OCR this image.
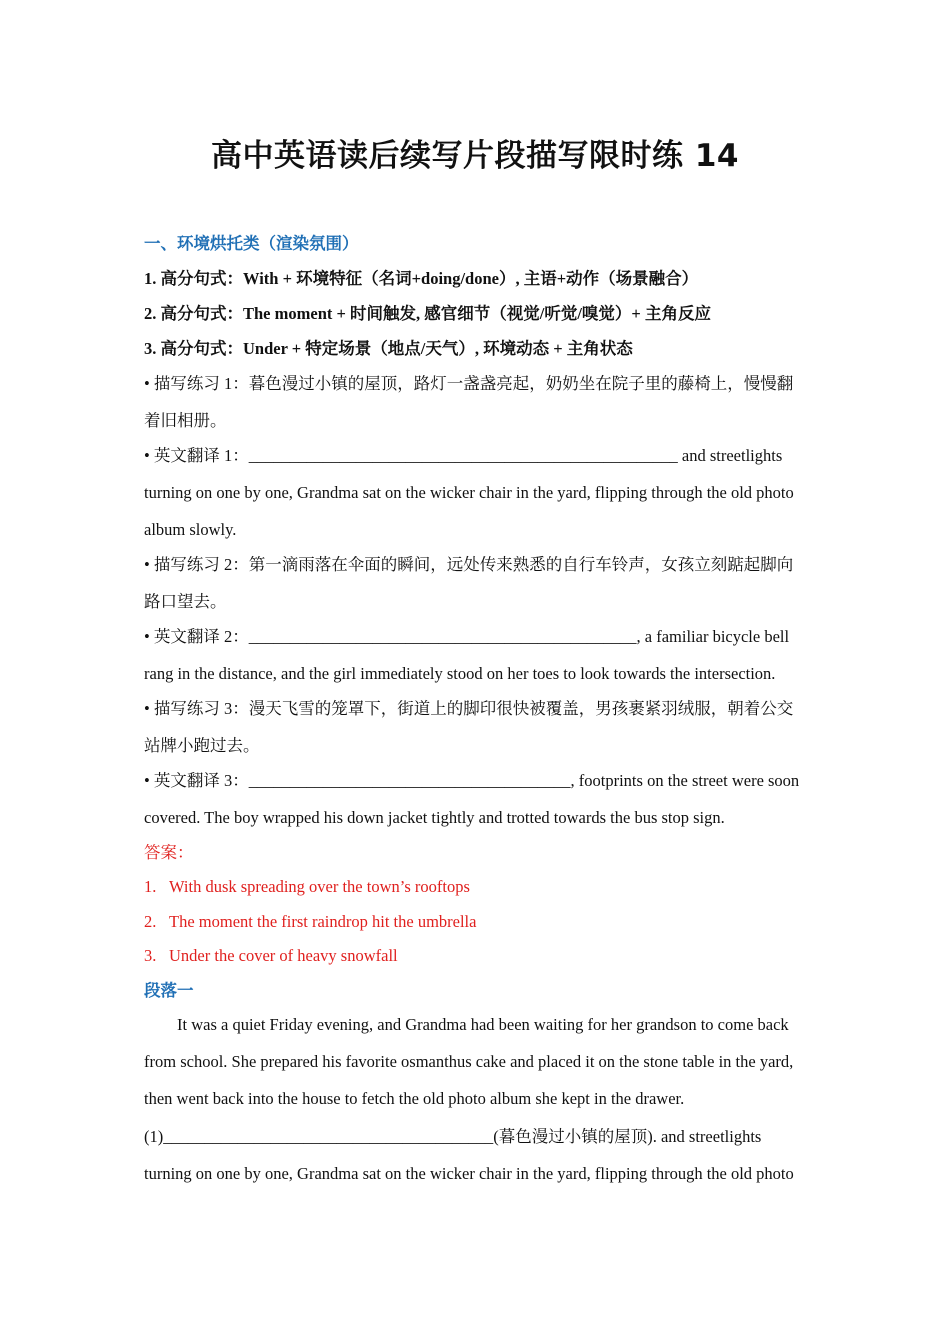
高中英语读后续写片段描写限时练 14
一、环境烘托类（渲染氛围）
1. 高分句式：With + 环境特征（名词+doing/done）, 主语+动作（场景融合）
2. 高分句式：The moment + 时间触发, 感官细节（视觉/听觉/嗅觉）+ 主角反应
3. 高分句式：Under + 特定场景（地点/天气）, 环境动态 + 主角状态
• 描写练习 1：暮色漫过小镇的屋顶，路灯一盏盏亮起，奶奶坐在院子里的藤椅上，慢慢翻
着旧相册。
• 英文翻译 1：____________________________________________________ and streetlights
turning on one by one, Grandma sat on the wicker chair in the yard, flipping through the old photo
album slowly.
• 描写练习 2：第一滴雨落在伞面的瞬间，远处传来熟悉的自行车铃声，女孩立刻踮起脚向
路口望去。
• 英文翻译 2：_______________________________________________, a familiar bicycle bell
rang in the distance, and the girl immediately stood on her toes to look towards the intersection.
• 描写练习 3：漫天飞雪的笼罩下，街道上的脚印很快被覆盖，男孩裹紧羽绒服，朝着公交
站牌小跑过去。
• 英文翻译 3：_______________________________________, footprints on the street were soon
covered. The boy wrapped his down jacket tightly and trotted towards the bus stop sign.
答案：
1. With dusk spreading over the town’s rooftops
2. The moment the first raindrop hit the umbrella
3. Under the cover of heavy snowfall
段落一
It was a quiet Friday evening, and Grandma had been waiting for her grandson to come back
from school. She prepared his favorite osmanthus cake and placed it on the stone table in the yard,
then went back into the house to fetch the old photo album she kept in the drawer.
(1)________________________________________(暮色漫过小镇的屋顶). and streetlights
turning on one by one, Grandma sat on the wicker chair in the yard, flipping through the old photo
